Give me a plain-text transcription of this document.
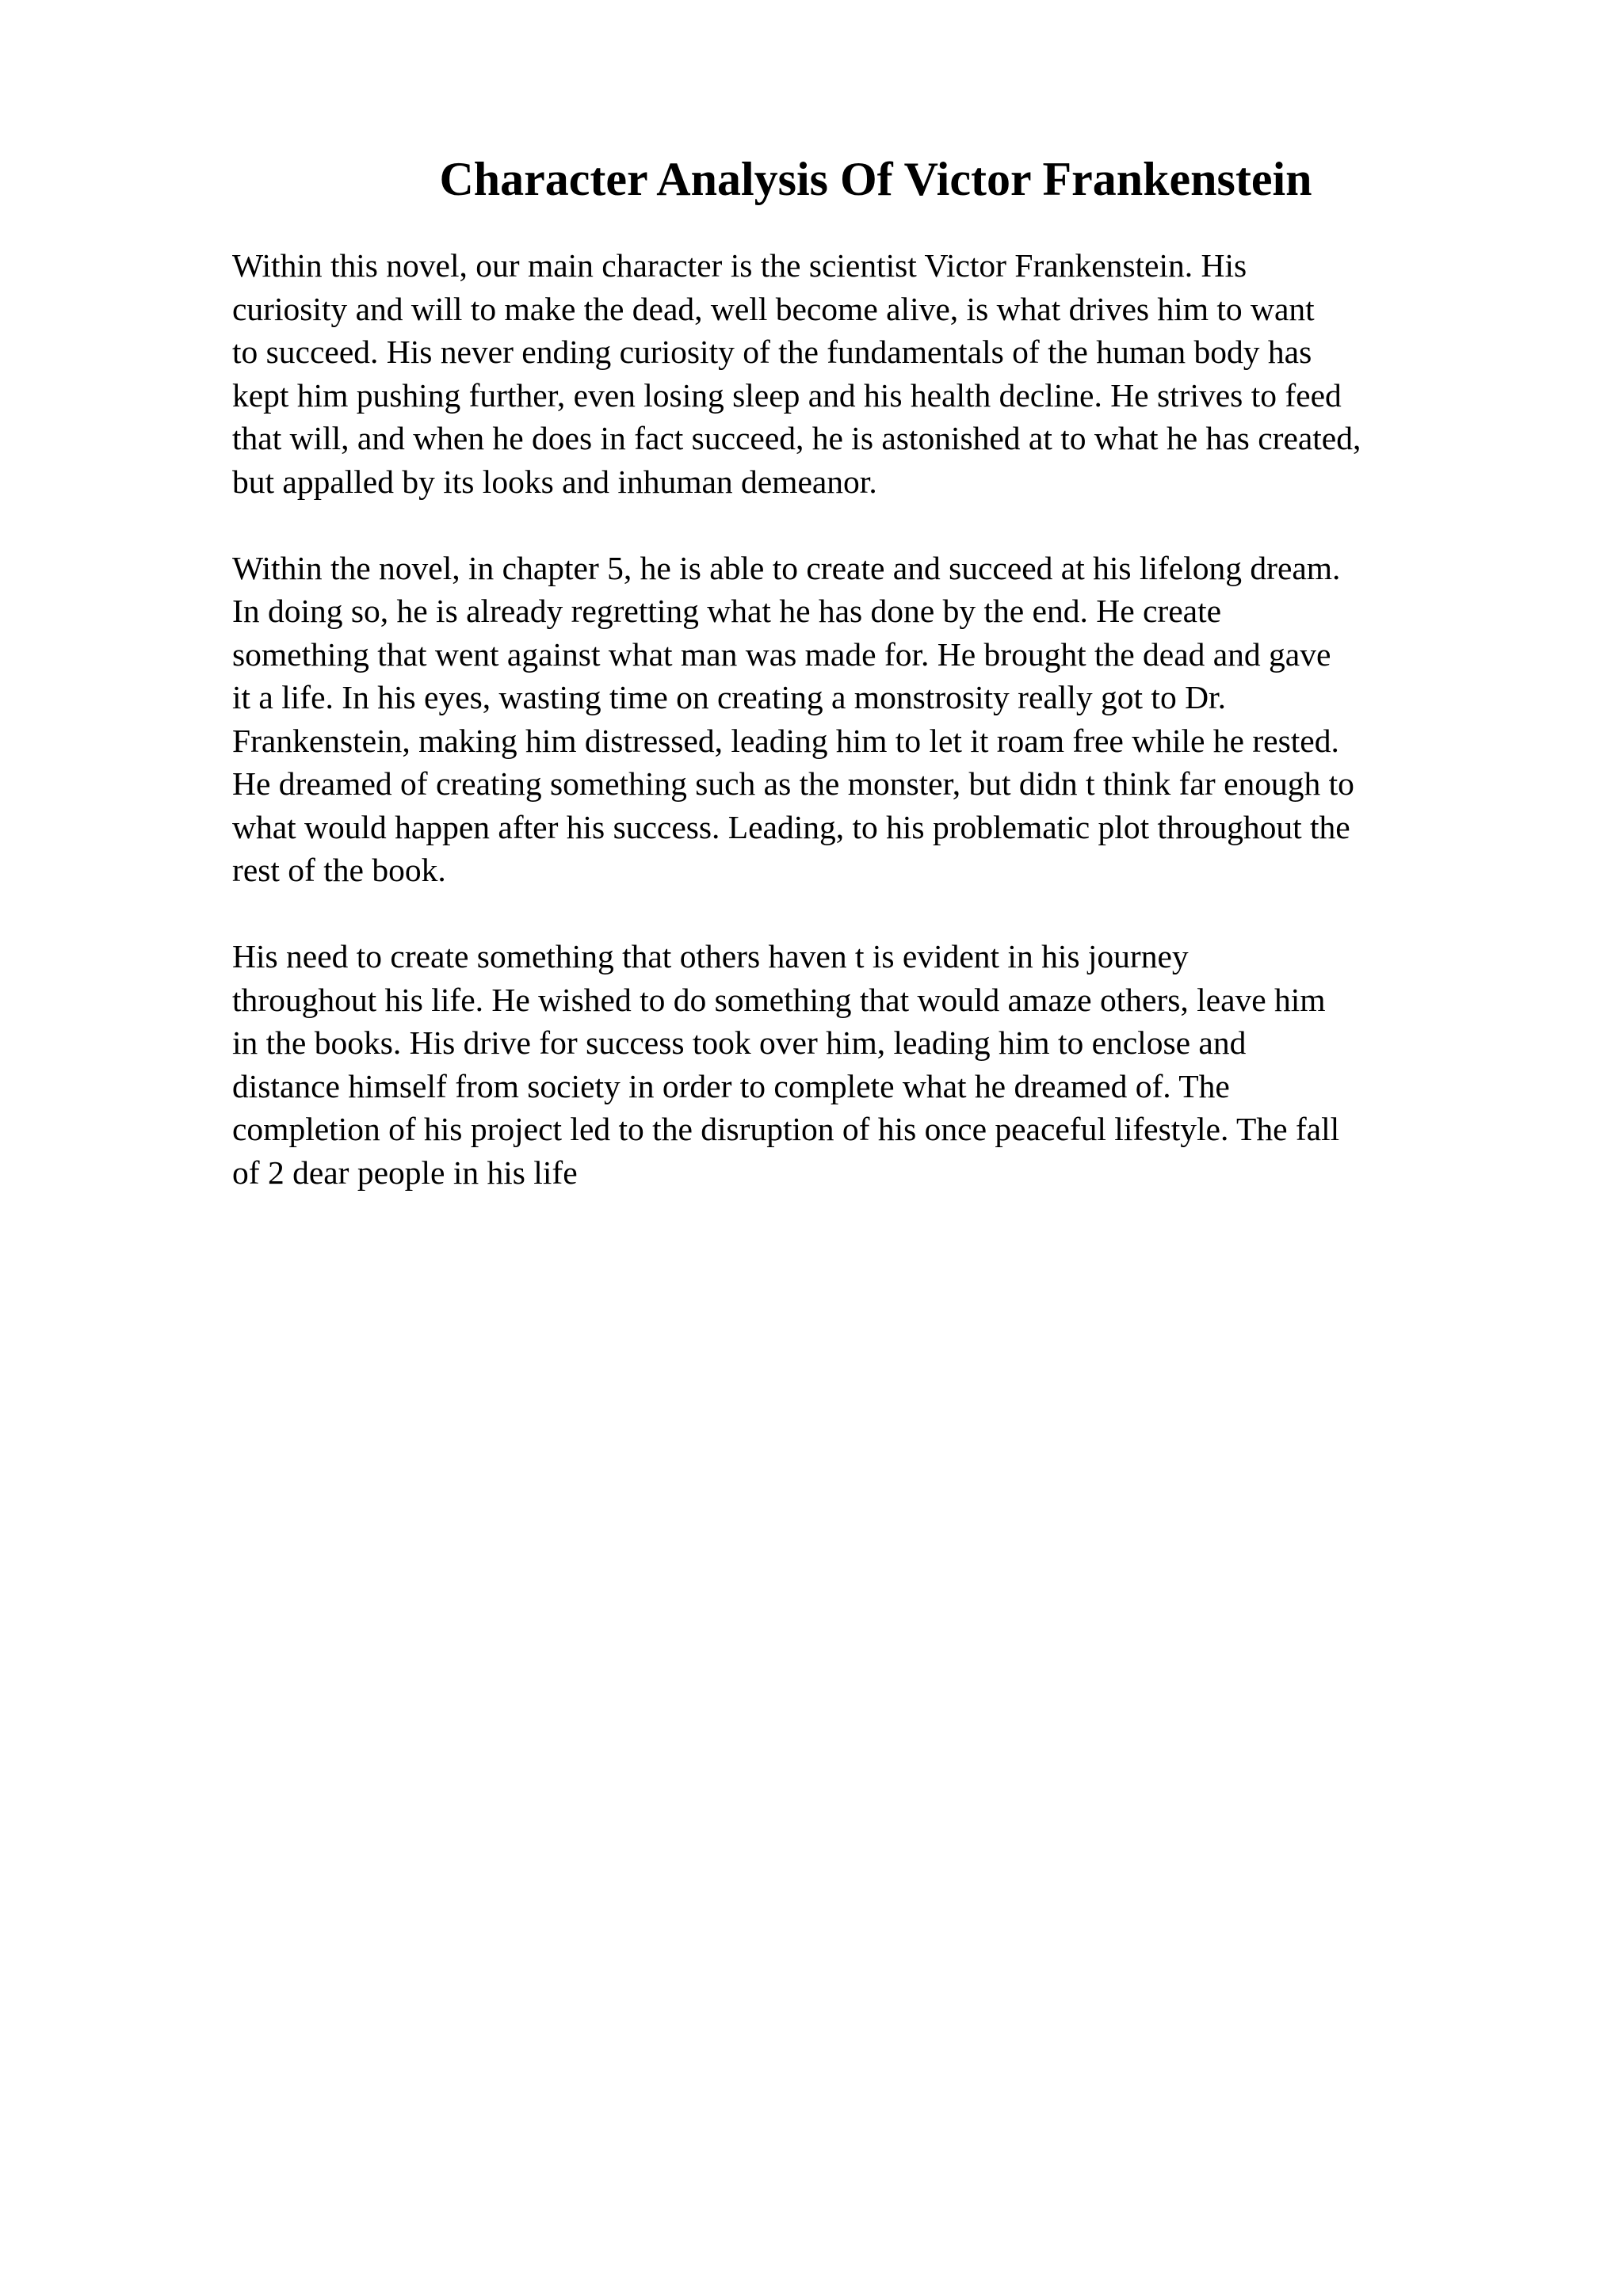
Character Analysis Of Victor Frankenstein

Within this novel, our main character is the scientist Victor Frankenstein. His
curiosity and will to make the dead, well become alive, is what drives him to want
to succeed. His never ending curiosity of the fundamentals of the human body has
kept him pushing further, even losing sleep and his health decline. He strives to feed
that will, and when he does in fact succeed, he is astonished at to what he has created,
but appalled by its looks and inhuman demeanor.

Within the novel, in chapter 5, he is able to create and succeed at his lifelong dream.
In doing so, he is already regretting what he has done by the end. He create
something that went against what man was made for. He brought the dead and gave
it a life. In his eyes, wasting time on creating a monstrosity really got to Dr.
Frankenstein, making him distressed, leading him to let it roam free while he rested.
He dreamed of creating something such as the monster, but didn t think far enough to
what would happen after his success. Leading, to his problematic plot throughout the
rest of the book.

His need to create something that others haven t is evident in his journey
throughout his life. He wished to do something that would amaze others, leave him
in the books. His drive for success took over him, leading him to enclose and
distance himself from society in order to complete what he dreamed of. The
completion of his project led to the disruption of his once peaceful lifestyle. The fall
of 2 dear people in his life
